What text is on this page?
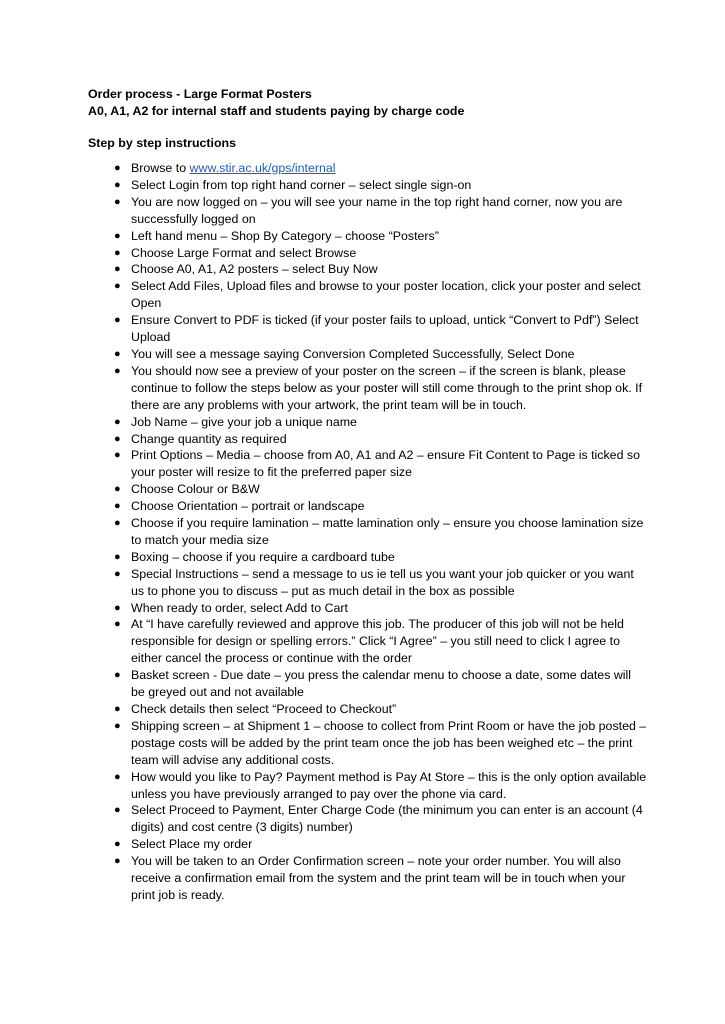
Order process - Large Format Posters

A0, A1, A2 for internal staff and students paying by charge code

Step by step instructions

● Browse to www.stir.ac.uk/gps/internal
● Select Login from top right hand corner – select single sign-on
● You are now logged on – you will see your name in the top right hand corner, now you are successfully logged on
● Left hand menu – Shop By Category – choose “Posters”
● Choose Large Format and select Browse
● Choose A0, A1, A2 posters – select Buy Now
● Select Add Files, Upload files and browse to your poster location, click your poster and select Open
● Ensure Convert to PDF is ticked (if your poster fails to upload, untick “Convert to Pdf”) Select Upload
● You will see a message saying Conversion Completed Successfully, Select Done
● You should now see a preview of your poster on the screen – if the screen is blank, please continue to follow the steps below as your poster will still come through to the print shop ok. If there are any problems with your artwork, the print team will be in touch.
● Job Name – give your job a unique name
● Change quantity as required
● Print Options – Media – choose from A0, A1 and A2 – ensure Fit Content to Page is ticked so your poster will resize to fit the preferred paper size
● Choose Colour or B&W
● Choose Orientation – portrait or landscape
● Choose if you require lamination – matte lamination only – ensure you choose lamination size to match your media size
● Boxing – choose if you require a cardboard tube
● Special Instructions – send a message to us ie tell us you want your job quicker or you want us to phone you to discuss – put as much detail in the box as possible
● When ready to order, select Add to Cart
● At “I have carefully reviewed and approve this job. The producer of this job will not be held responsible for design or spelling errors.” Click “I Agree” – you still need to click I agree to either cancel the process or continue with the order
● Basket screen - Due date – you press the calendar menu to choose a date, some dates will be greyed out and not available
● Check details then select “Proceed to Checkout”
● Shipping screen – at Shipment 1 – choose to collect from Print Room or have the job posted – postage costs will be added by the print team once the job has been weighed etc – the print team will advise any additional costs.
● How would you like to Pay? Payment method is Pay At Store – this is the only option available unless you have previously arranged to pay over the phone via card.
● Select Proceed to Payment, Enter Charge Code (the minimum you can enter is an account (4 digits) and cost centre (3 digits) number)
● Select Place my order
● You will be taken to an Order Confirmation screen – note your order number. You will also receive a confirmation email from the system and the print team will be in touch when your print job is ready.
